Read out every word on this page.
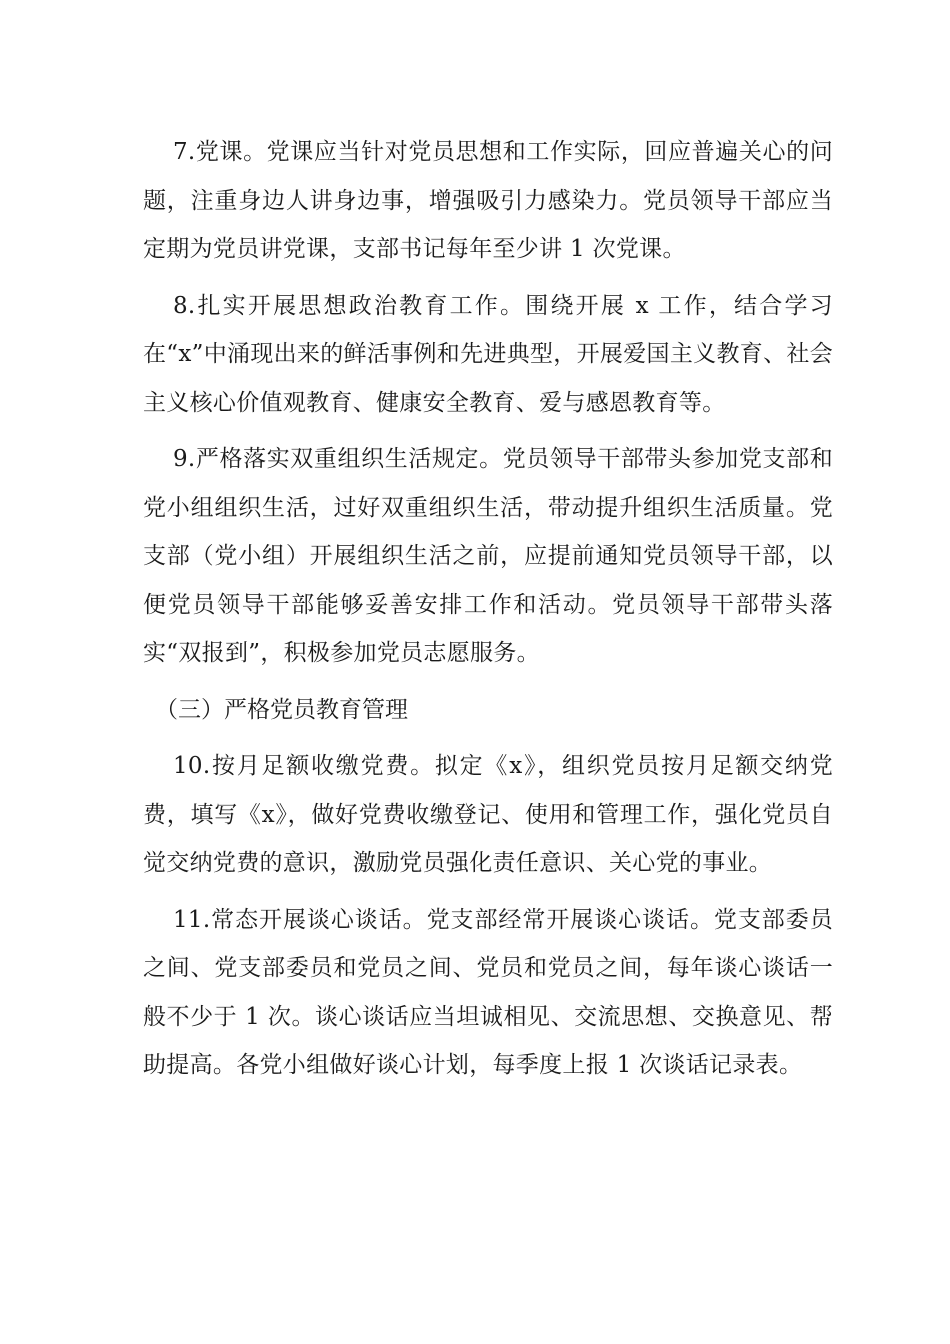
7.党课。党课应当针对党员思想和工作实际，回应普遍关心的问题，注重身边人讲身边事，增强吸引力感染力。党员领导干部应当定期为党员讲党课，支部书记每年至少讲 1 次党课。

8.扎实开展思想政治教育工作。围绕开展 x 工作，结合学习在“x”中涌现出来的鲜活事例和先进典型，开展爱国主义教育、社会主义核心价值观教育、健康安全教育、爱与感恩教育等。

9.严格落实双重组织生活规定。党员领导干部带头参加党支部和党小组组织生活，过好双重组织生活，带动提升组织生活质量。党支部（党小组）开展组织生活之前，应提前通知党员领导干部，以便党员领导干部能够妥善安排工作和活动。党员领导干部带头落实“双报到”，积极参加党员志愿服务。

（三）严格党员教育管理

10.按月足额收缴党费。拟定《x》，组织党员按月足额交纳党费，填写《x》，做好党费收缴登记、使用和管理工作，强化党员自觉交纳党费的意识，激励党员强化责任意识、关心党的事业。

11.常态开展谈心谈话。党支部经常开展谈心谈话。党支部委员之间、党支部委员和党员之间、党员和党员之间，每年谈心谈话一般不少于 1 次。谈心谈话应当坦诚相见、交流思想、交换意见、帮助提高。各党小组做好谈心计划，每季度上报 1 次谈话记录表。
